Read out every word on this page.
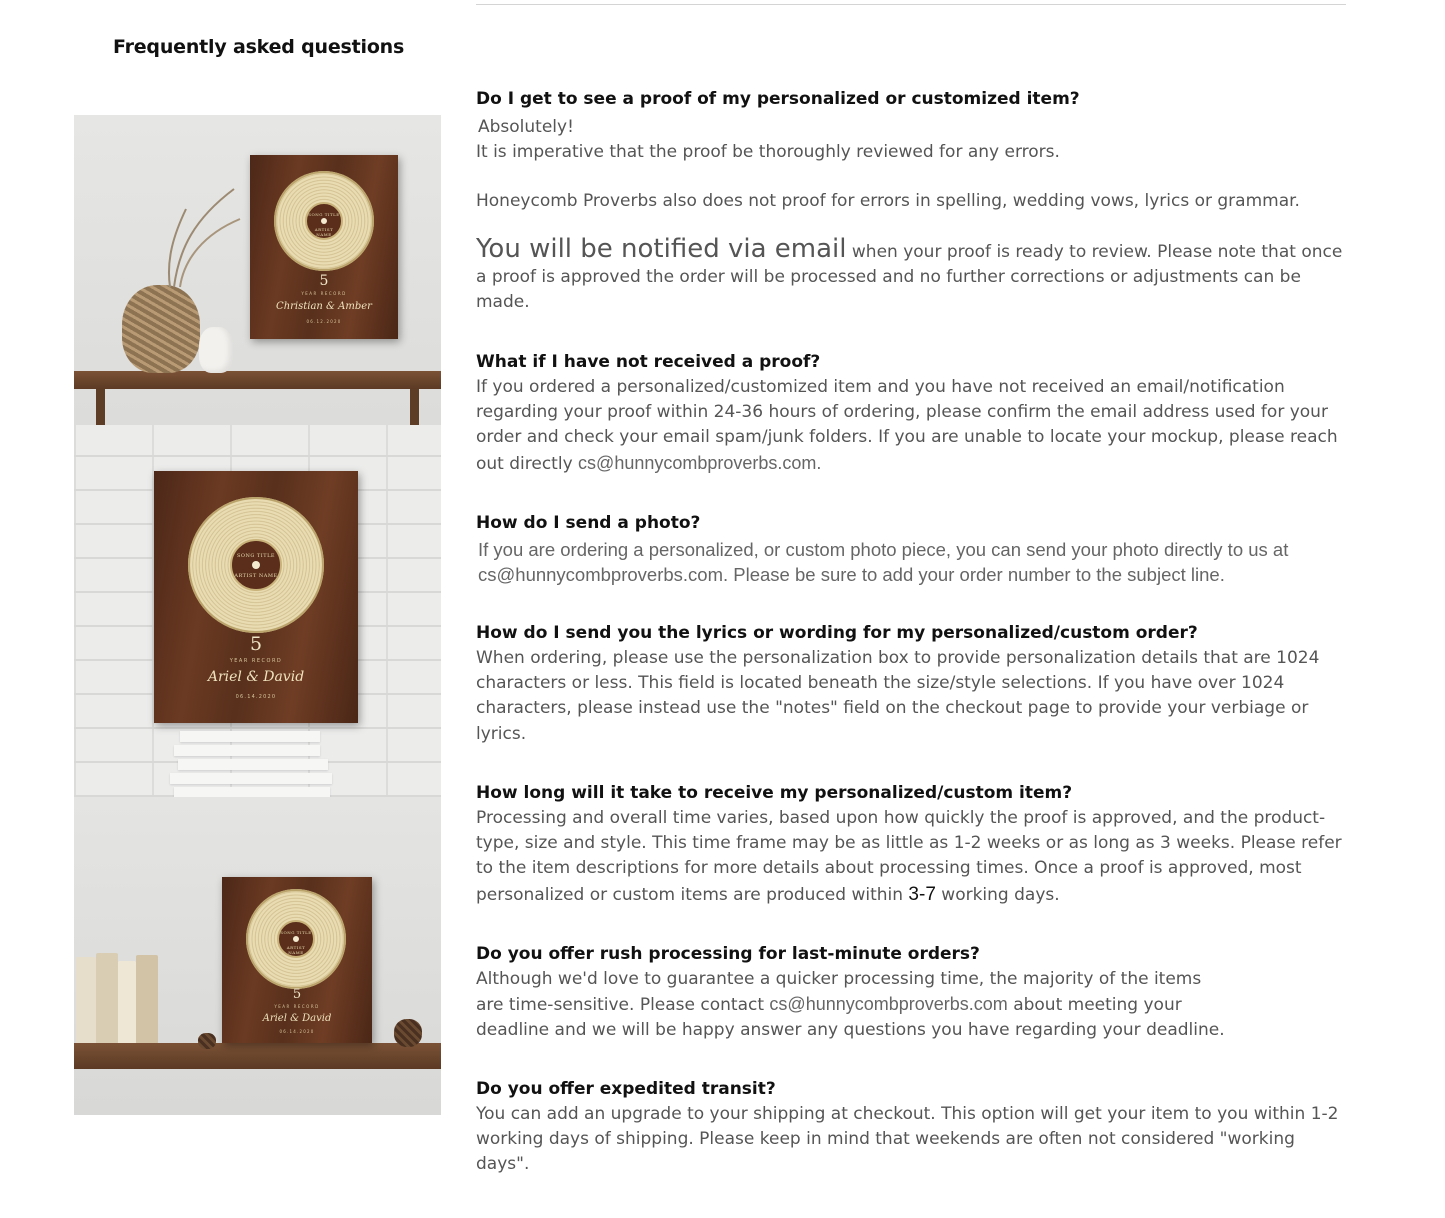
Frequently asked questions
SONG TITLE
ARTIST NAME
5
YEAR RECORD
Christian & Amber
06.12.2020
SONG TITLE
ARTIST NAME
5
YEAR RECORD
Ariel & David
06.14.2020
SONG TITLE
ARTIST NAME
5
YEAR RECORD
Ariel & David
06.14.2020
Do I get to see a proof of my personalized or customized item?
Absolutely!
It is imperative that the proof be thoroughly reviewed for any errors.
Honeycomb Proverbs also does not proof for errors in spelling, wedding vows, lyrics or grammar.
You will be notified via email when your proof is ready to review. Please note that once a proof is approved the order will be processed and no further corrections or adjustments can be made.
What if I have not received a proof?
If you ordered a personalized/customized item and you have not received an email/notification regarding your proof within 24-36 hours of ordering, please confirm the email address used for your order and check your email spam/junk folders. If you are unable to locate your mockup, please reach out directly cs@hunnycombproverbs.com.
How do I send a photo?
If you are ordering a personalized, or custom photo piece, you can send your photo directly to us at
cs@hunnycombproverbs.com. Please be sure to add your order number to the subject line.
How do I send you the lyrics or wording for my personalized/custom order?
When ordering, please use the personalization box to provide personalization details that are 1024 characters or less. This field is located beneath the size/style selections. If you have over 1024 characters, please instead use the "notes" field on the checkout page to provide your verbiage or lyrics.
How long will it take to receive my personalized/custom item?
Processing and overall time varies, based upon how quickly the proof is approved, and the product-type, size and style. This time frame may be as little as 1-2 weeks or as long as 3 weeks. Please refer to the item descriptions for more details about processing times. Once a proof is approved, most personalized or custom items are produced within 3-7 working days.
Do you offer rush processing for last-minute orders?
Although we'd love to guarantee a quicker processing time, the majority of the items
are time-sensitive. Please contact cs@hunnycombproverbs.com about meeting your
deadline and we will be happy answer any questions you have regarding your deadline.
Do you offer expedited transit?
You can add an upgrade to your shipping at checkout. This option will get your item to you within 1-2 working days of shipping. Please keep in mind that weekends are often not considered "working days".
